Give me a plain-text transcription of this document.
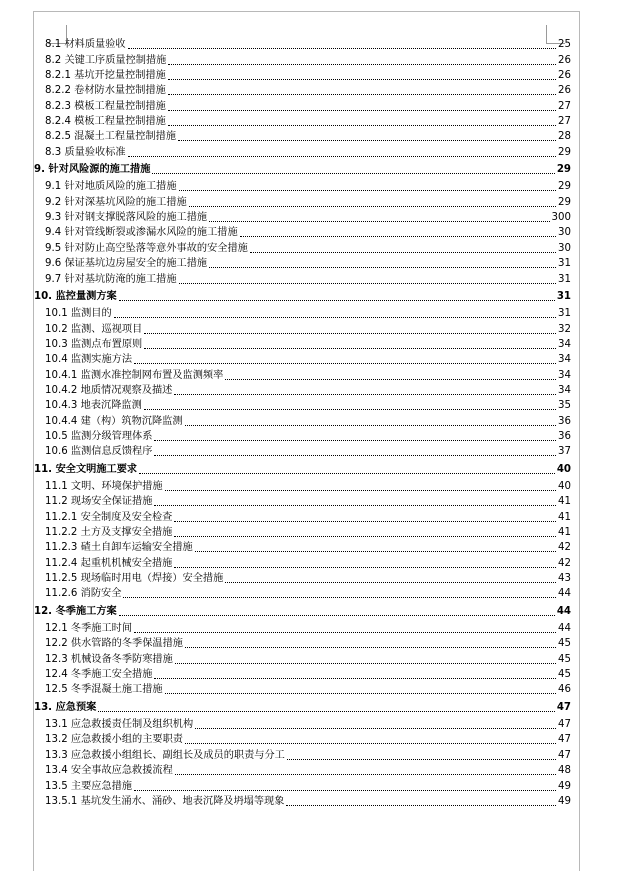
8.1 材料质量验收	25
8.2 关键工序质量控制措施	26
8.2.1 基坑开挖量控制措施	26
8.2.2 卷材防水量控制措施	26
8.2.3 模板工程量控制措施	27
8.2.4 模板工程量控制措施	27
8.2.5 混凝土工程量控制措施	28
8.3 质量验收标准	29
9. 针对风险源的施工措施	29
9.1 针对地质风险的施工措施	29
9.2 针对深基坑风险的施工措施	29
9.3 针对钢支撑脱落风险的施工措施	300
9.4 针对管线断裂或渗漏水风险的施工措施	30
9.5 针对防止高空坠落等意外事故的安全措施	30
9.6 保证基坑边房屋安全的施工措施	31
9.7 针对基坑防淹的施工措施	31
10. 监控量测方案	31
10.1 监测目的	31
10.2 监测、巡视项目	32
10.3 监测点布置原则	34
10.4 监测实施方法	34
10.4.1 监测水准控制网布置及监测频率	34
10.4.2 地质情况观察及描述	34
10.4.3 地表沉降监测	35
10.4.4 建（构）筑物沉降监测	36
10.5 监测分级管理体系	36
10.6 监测信息反馈程序	37
11. 安全文明施工要求	40
11.1 文明、环境保护措施	40
11.2 现场安全保证措施	41
11.2.1 安全制度及安全检查	41
11.2.2 土方及支撑安全措施	41
11.2.3 碴土自卸车运输安全措施	42
11.2.4 起重机机械安全措施	42
11.2.5 现场临时用电（焊接）安全措施	43
11.2.6 消防安全	44
12. 冬季施工方案	44
12.1 冬季施工时间	44
12.2 供水管路的冬季保温措施	45
12.3 机械设备冬季防寒措施	45
12.4 冬季施工安全措施	45
12.5 冬季混凝土施工措施	46
13. 应急预案	47
13.1 应急救援责任制及组织机构	47
13.2 应急救援小组的主要职责	47
13.3 应急救援小组组长、副组长及成员的职责与分工	47
13.4 安全事故应急救援流程	48
13.5 主要应急措施	49
13.5.1 基坑发生涌水、涌砂、地表沉降及坍塌等现象	49
